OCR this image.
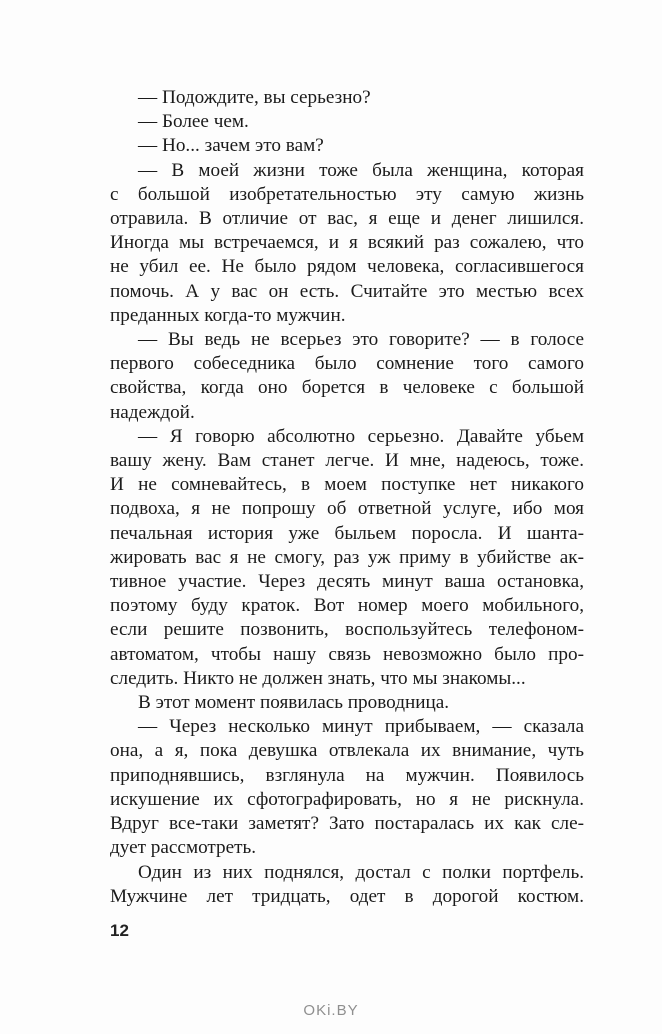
— Подождите, вы серьезно?
— Более чем.
— Но... зачем это вам?
— В моей жизни тоже была женщина, которая
с большой изобретательностью эту самую жизнь
отравила. В отличие от вас, я еще и денег лишился.
Иногда мы встречаемся, и я всякий раз сожалею, что
не убил ее. Не было рядом человека, согласившегося
помочь. А у вас он есть. Считайте это местью всех
преданных когда-то мужчин.
— Вы ведь не всерьез это говорите? — в голосе
первого собеседника было сомнение того самого
свойства, когда оно борется в человеке с большой
надеждой.
— Я говорю абсолютно серьезно. Давайте убьем
вашу жену. Вам станет легче. И мне, надеюсь, тоже.
И не сомневайтесь, в моем поступке нет никакого
подвоха, я не попрошу об ответной услуге, ибо моя
печальная история уже быльем поросла. И шанта-
жировать вас я не смогу, раз уж приму в убийстве ак-
тивное участие. Через десять минут ваша остановка,
поэтому буду краток. Вот номер моего мобильного,
если решите позвонить, воспользуйтесь телефоном-
автоматом, чтобы нашу связь невозможно было про-
следить. Никто не должен знать, что мы знакомы...
В этот момент появилась проводница.
— Через несколько минут прибываем, — сказала
она, а я, пока девушка отвлекала их внимание, чуть
приподнявшись, взглянула на мужчин. Появилось
искушение их сфотографировать, но я не рискнула.
Вдруг все-таки заметят? Зато постаралась их как сле-
дует рассмотреть.
Один из них поднялся, достал с полки портфель.
Мужчине лет тридцать, одет в дорогой костюм.
12
OKi.BY
